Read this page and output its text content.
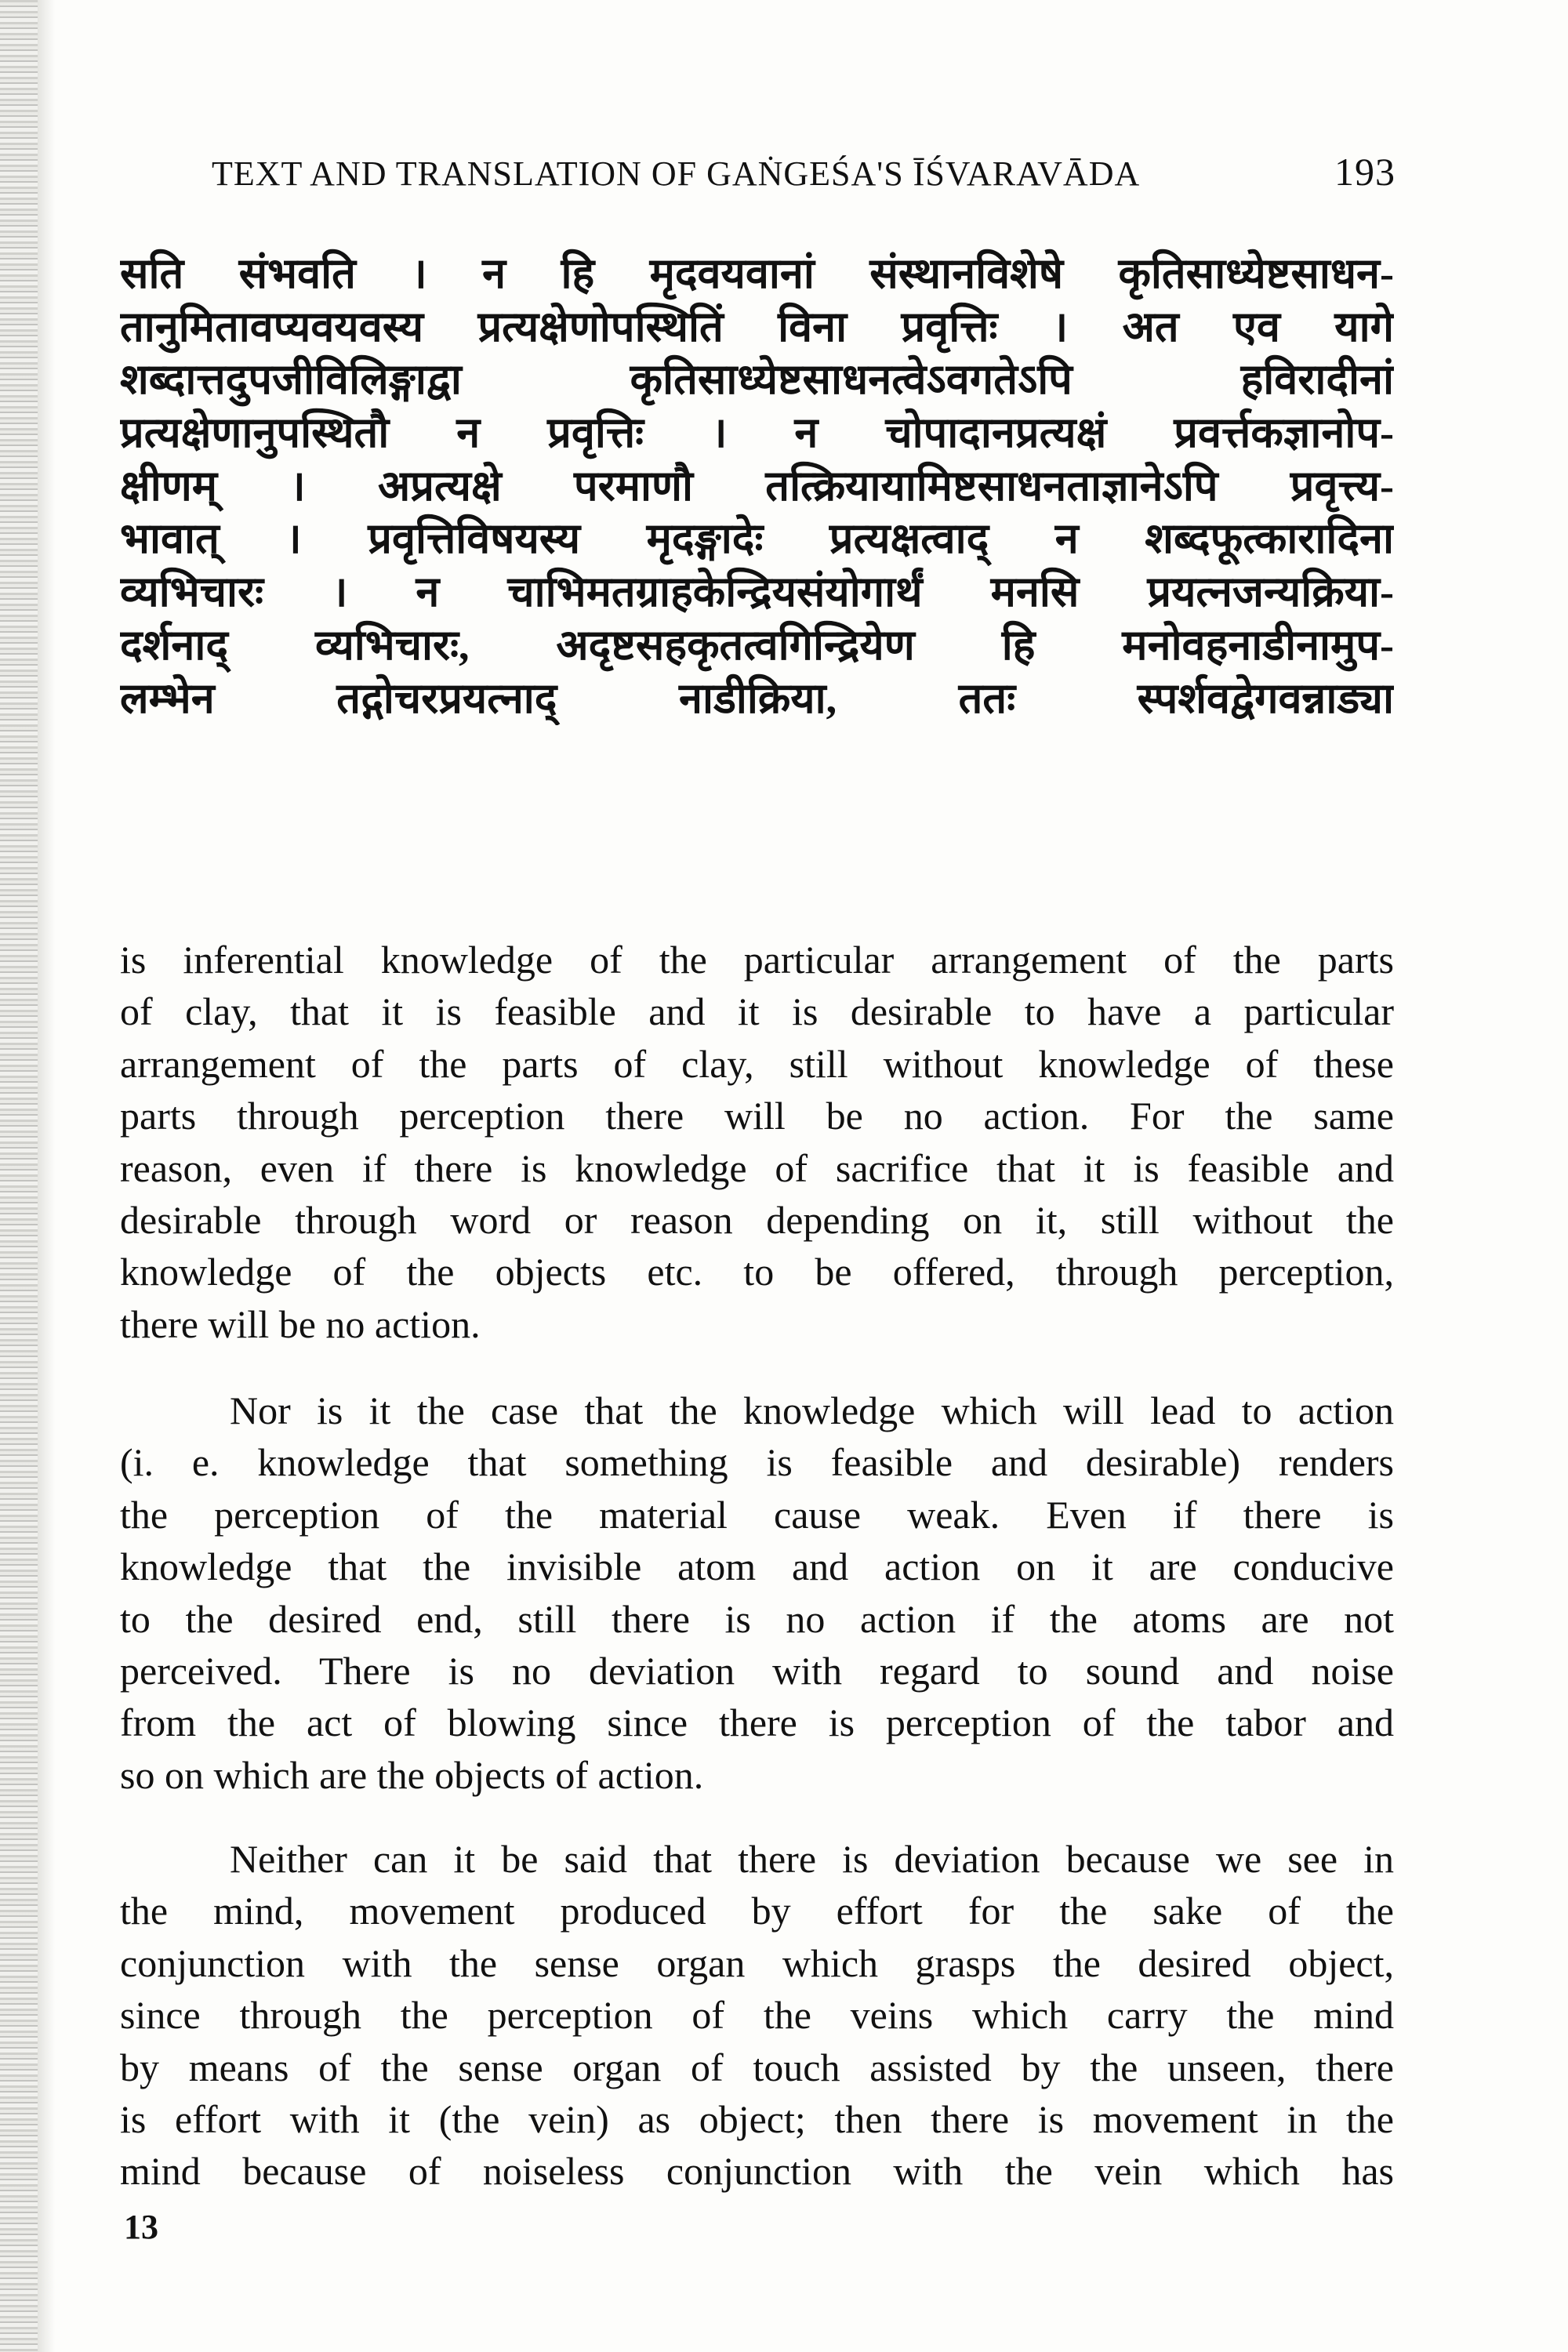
TEXT AND TRANSLATION OF GAṄGEŚA'S ĪŚVARAVĀDA	193
सति संभवति । न हि मृदवयवानां संस्थानविशेषे कृतिसाध्येष्टसाधन-
तानुमितावप्यवयवस्य प्रत्यक्षेणोपस्थितिं विना प्रवृत्तिः । अत एव यागे
शब्दात्तदुपजीविलिङ्गाद्वा कृतिसाध्येष्टसाधनत्वेऽवगतेऽपि हविरादीनां
प्रत्यक्षेणानुपस्थितौ न प्रवृत्तिः । न चोपादानप्रत्यक्षं प्रवर्त्तकज्ञानोप-
क्षीणम् । अप्रत्यक्षे परमाणौ तत्क्रियायामिष्टसाधनताज्ञानेऽपि प्रवृत्त्य-
भावात् । प्रवृत्तिविषयस्य मृदङ्गादेः प्रत्यक्षत्वाद् न शब्दफूत्कारादिना
व्यभिचारः । न चाभिमतग्राहकेन्द्रियसंयोगार्थं मनसि प्रयत्नजन्यक्रिया-
दर्शनाद् व्यभिचारः, अदृष्टसहकृतत्वगिन्द्रियेण हि मनोवहनाडीनामुप-
लम्भेन तद्गोचरप्रयत्नाद् नाडीक्रिया, ततः स्पर्शवद्वेगवन्नाड्या
is inferential knowledge of the particular arrangement of the parts
of clay, that it is feasible and it is desirable to have a particular
arrangement of the parts of clay, still without knowledge of these
parts through perception there will be no action. For the same
reason, even if there is knowledge of sacrifice that it is feasible and
desirable through word or reason depending on it, still without the
knowledge of the objects etc. to be offered, through perception,
there will be no action.
Nor is it the case that the knowledge which will lead to action
(i. e. knowledge that something is feasible and desirable) renders
the perception of the material cause weak. Even if there is
knowledge that the invisible atom and action on it are conducive
to the desired end, still there is no action if the atoms are not
perceived. There is no deviation with regard to sound and noise
from the act of blowing since there is perception of the tabor and
so on which are the objects of action.
Neither can it be said that there is deviation because we see in
the mind, movement produced by effort for the sake of the
conjunction with the sense organ which grasps the desired object,
since through the perception of the veins which carry the mind
by means of the sense organ of touch assisted by the unseen, there
is effort with it (the vein) as object; then there is movement in the
mind because of noiseless conjunction with the vein which has
13
